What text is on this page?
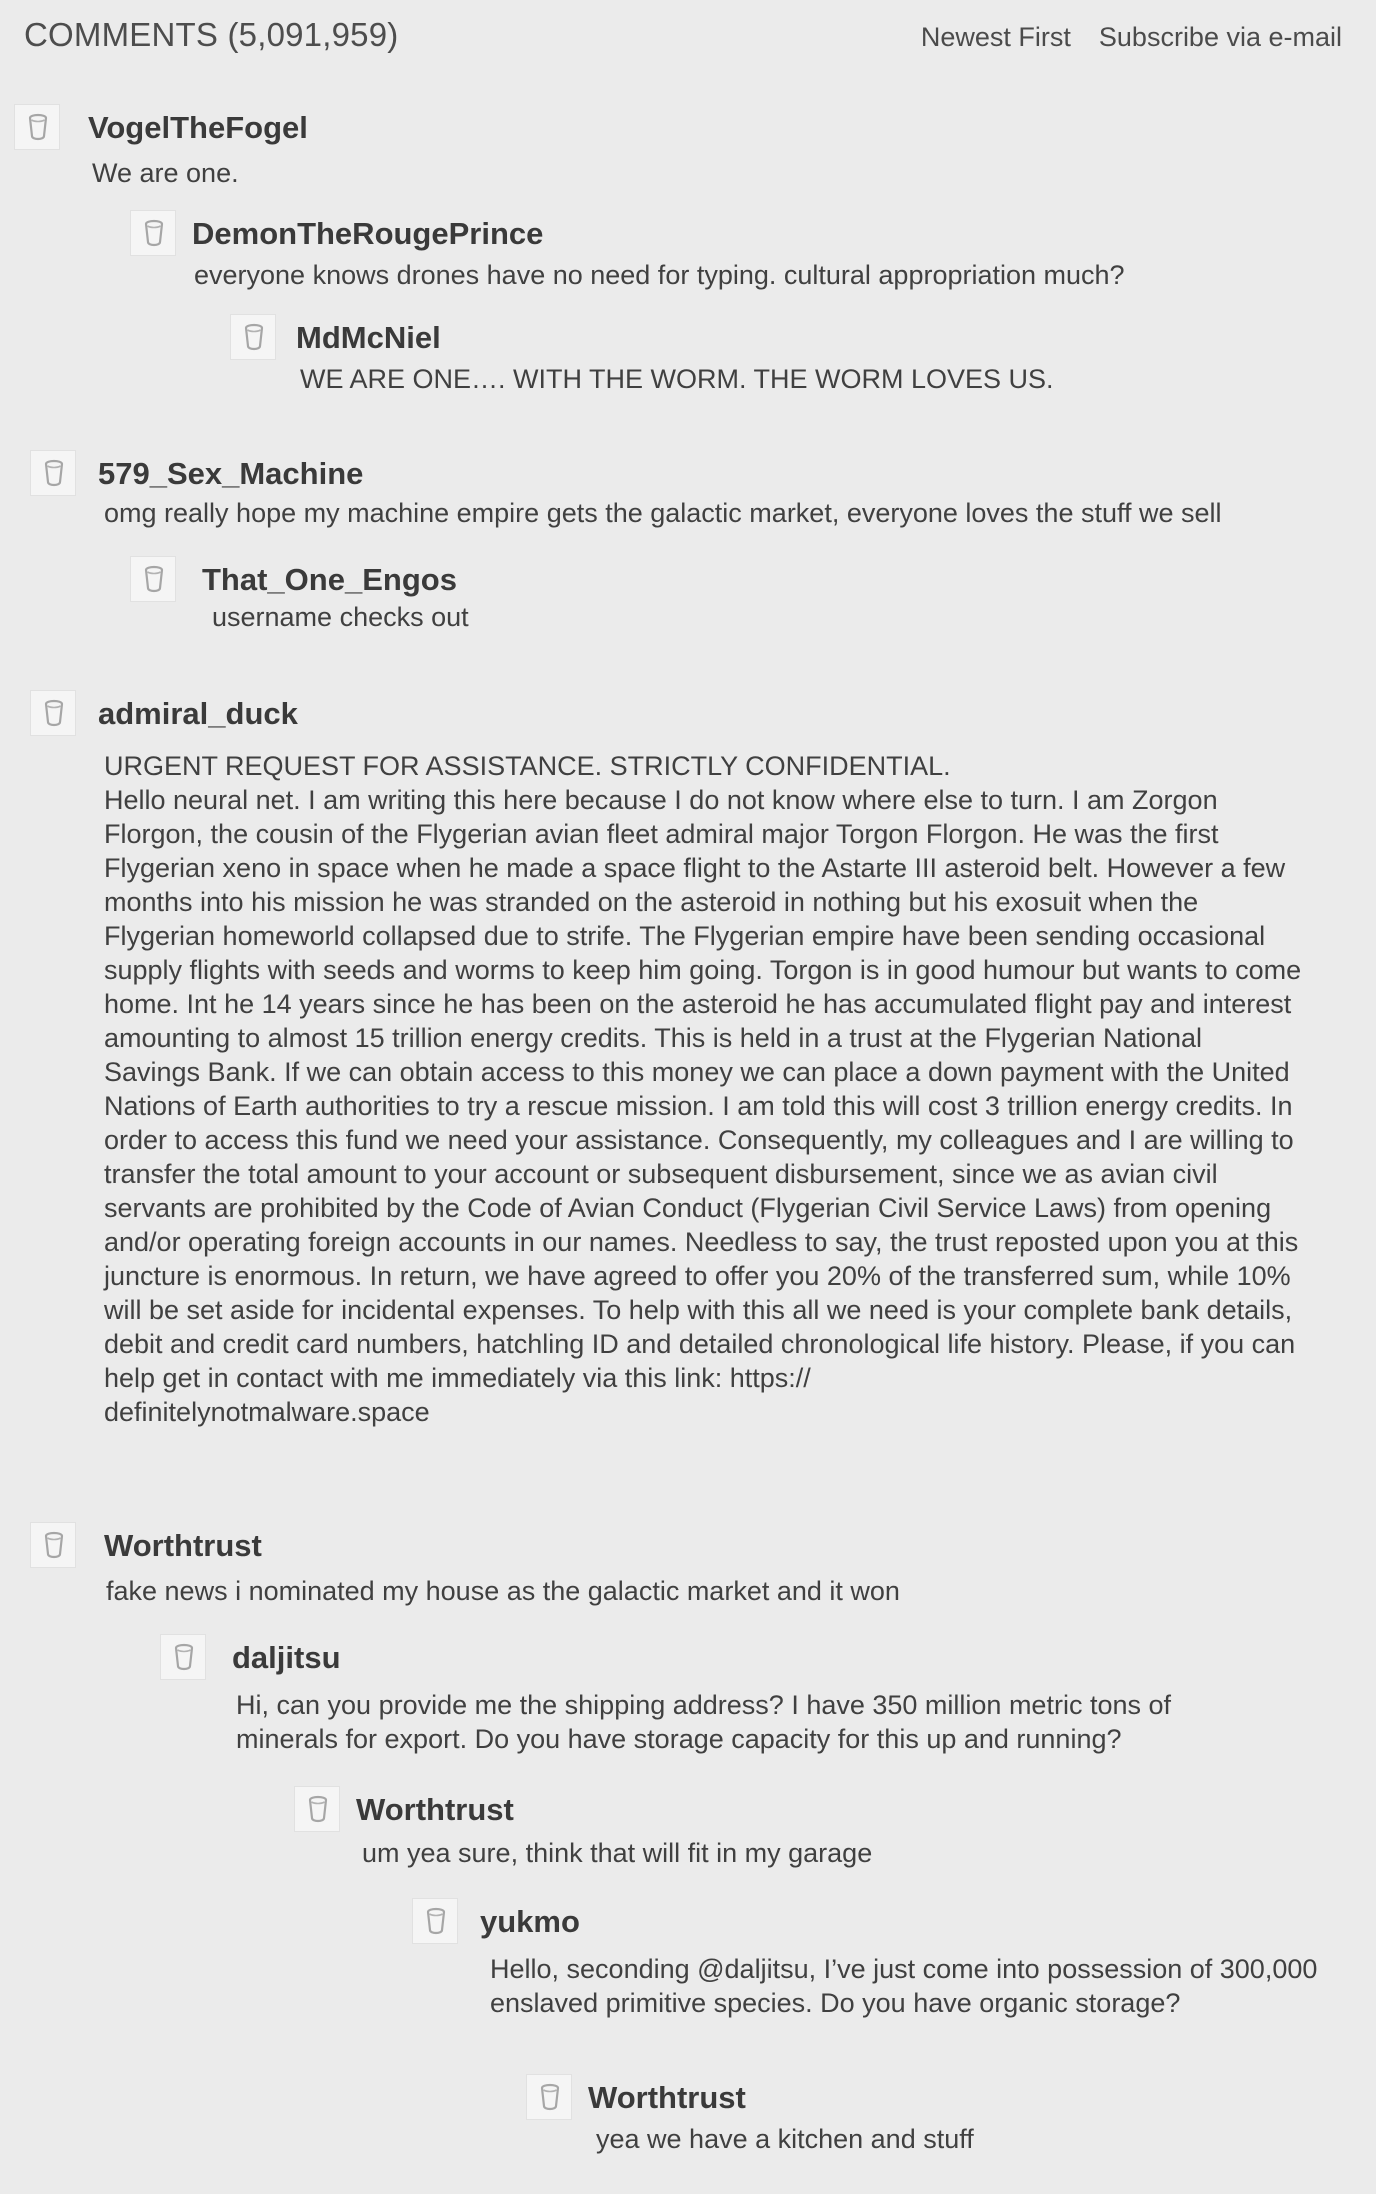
COMMENTS (5,091,959)	Newest First Subscribe via e-mail
VogelTheFogel
We are one.
DemonTheRougePrince
everyone knows drones have no need for typing. cultural appropriation much?
MdMcNiel
WE ARE ONE…. WITH THE WORM. THE WORM LOVES US.
579_Sex_Machine
omg really hope my machine empire gets the galactic market, everyone loves the stuff we sell
That_One_Engos
username checks out
admiral_duck
URGENT REQUEST FOR ASSISTANCE. STRICTLY CONFIDENTIAL.
Hello neural net. I am writing this here because I do not know where else to turn. I am Zorgon Florgon, the cousin of the Flygerian avian fleet admiral major Torgon Florgon. He was the first Flygerian xeno in space when he made a space flight to the Astarte III asteroid belt. However a few months into his mission he was stranded on the asteroid in nothing but his exosuit when the Flygerian homeworld collapsed due to strife. The Flygerian empire have been sending occasional supply flights with seeds and worms to keep him going. Torgon is in good humour but wants to come home. Int he 14 years since he has been on the asteroid he has accumulated flight pay and interest amounting to almost 15 trillion energy credits. This is held in a trust at the Flygerian National Savings Bank. If we can obtain access to this money we can place a down payment with the United Nations of Earth authorities to try a rescue mission. I am told this will cost 3 trillion energy credits. In order to access this fund we need your assistance. Consequently, my colleagues and I are willing to transfer the total amount to your account or subsequent disbursement, since we as avian civil servants are prohibited by the Code of Avian Conduct (Flygerian Civil Service Laws) from opening and/or operating foreign accounts in our names. Needless to say, the trust reposted upon you at this juncture is enormous. In return, we have agreed to offer you 20% of the transferred sum, while 10% will be set aside for incidental expenses. To help with this all we need is your complete bank details, debit and credit card numbers, hatchling ID and detailed chronological life history. Please, if you can help get in contact with me immediately via this link: https://
definitelynotmalware.space
Worthtrust
fake news i nominated my house as the galactic market and it won
daljitsu
Hi, can you provide me the shipping address? I have 350 million metric tons of minerals for export. Do you have storage capacity for this up and running?
Worthtrust
um yea sure, think that will fit in my garage
yukmo
Hello, seconding @daljitsu, I’ve just come into possession of 300,000 enslaved primitive species. Do you have organic storage?
Worthtrust
yea we have a kitchen and stuff
